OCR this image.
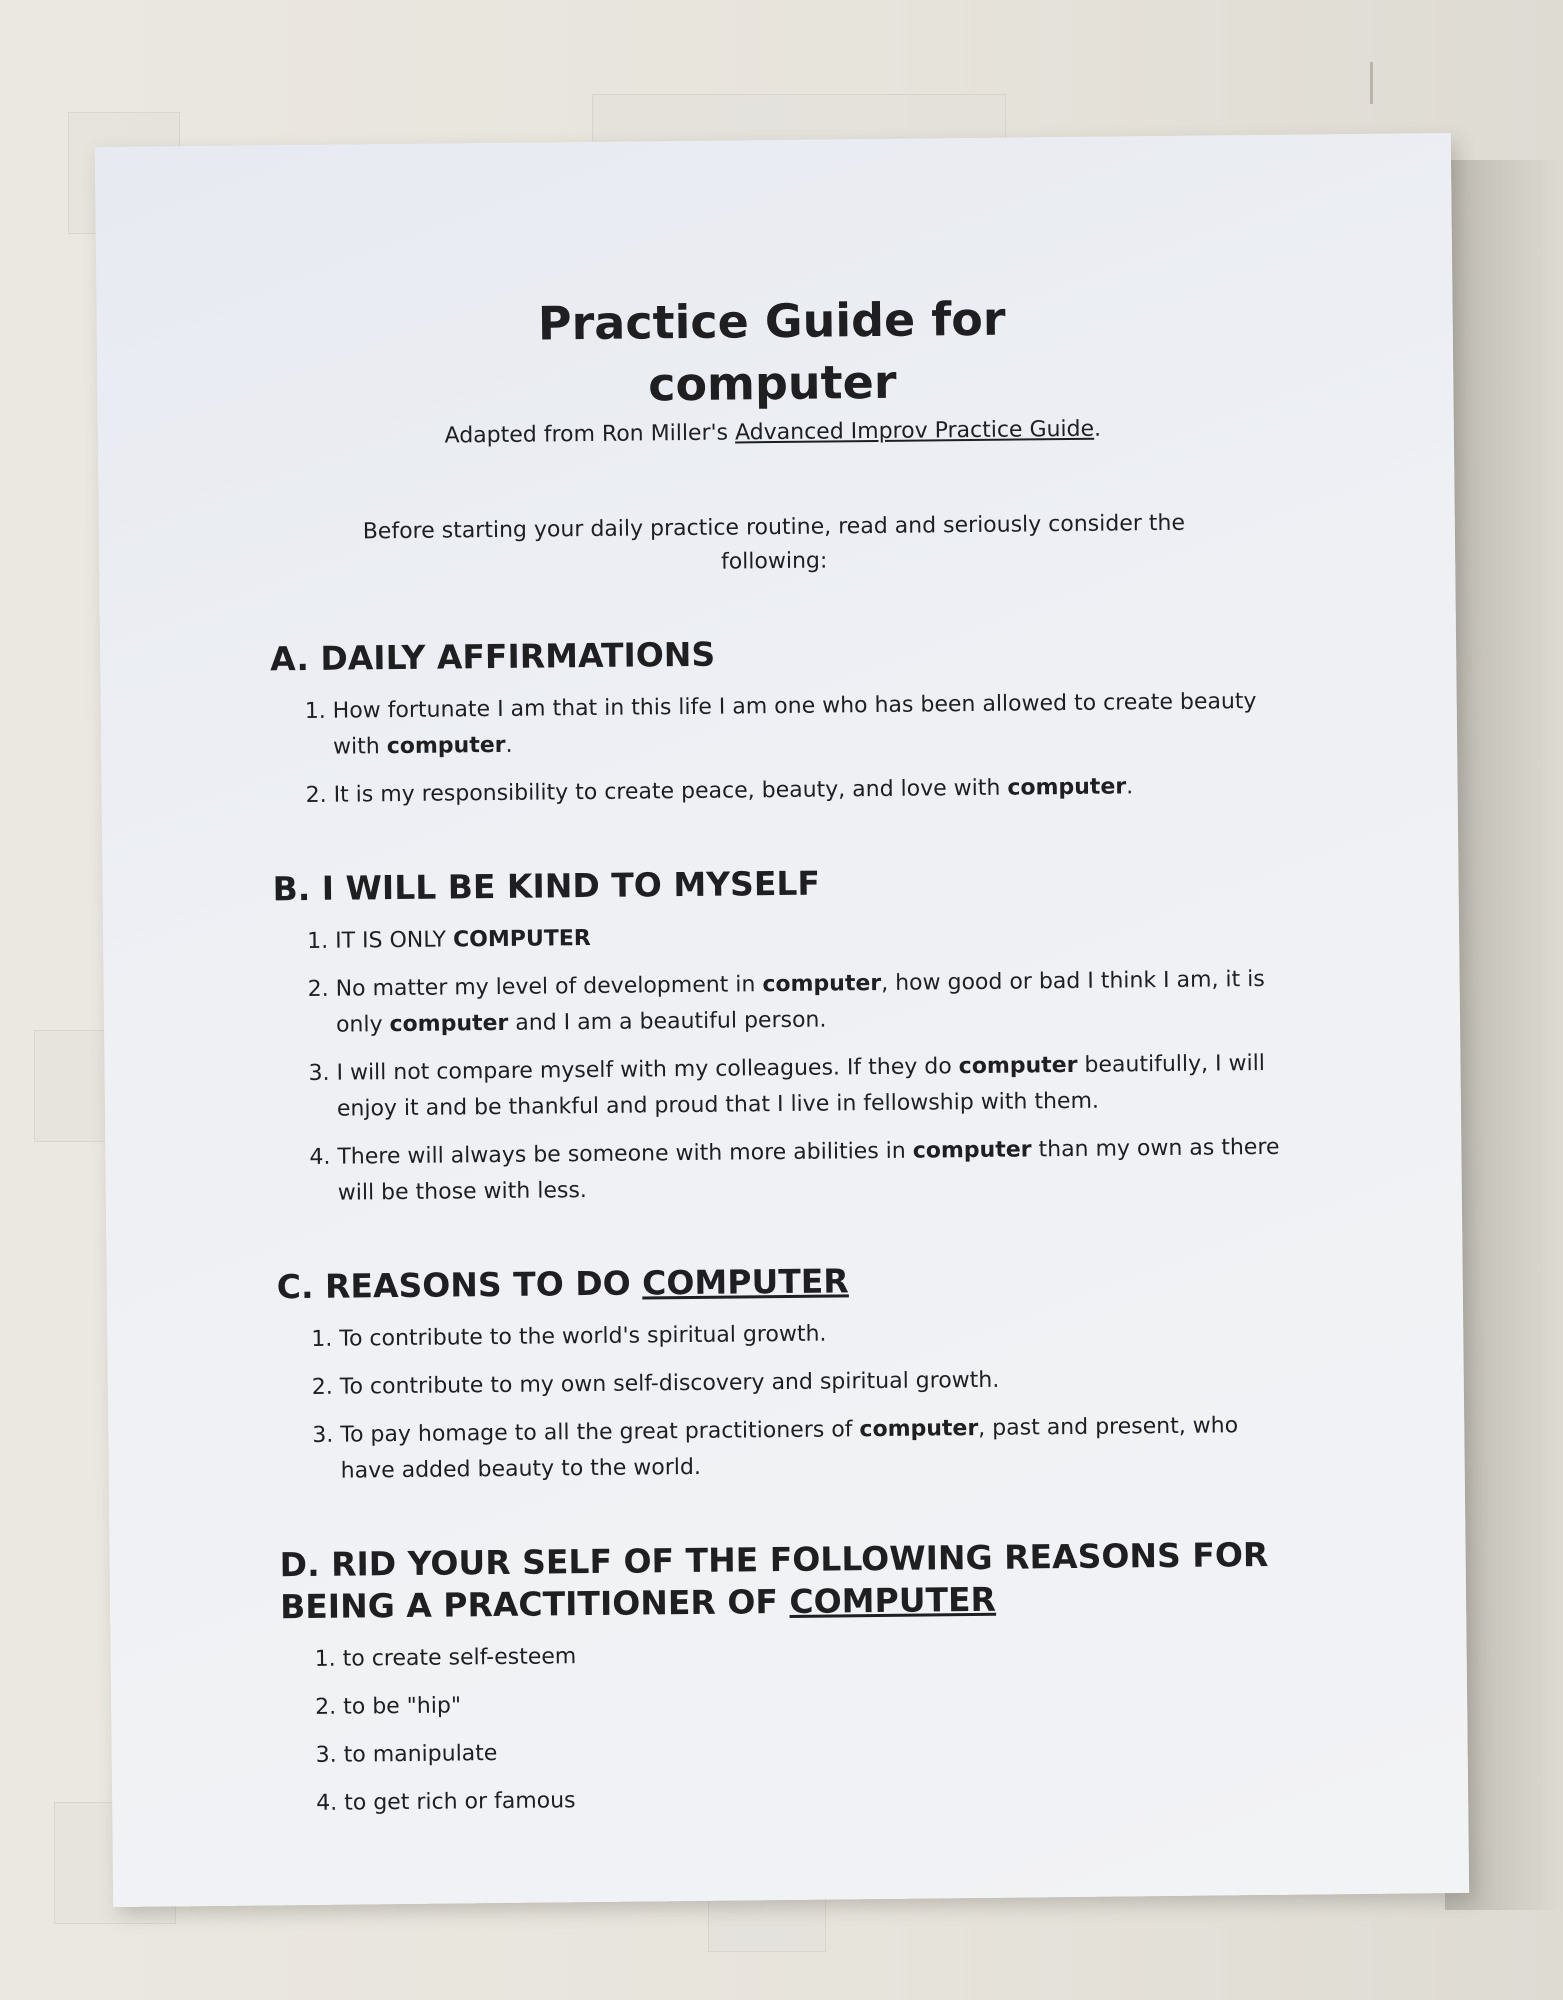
Practice Guide for
computer
Adapted from Ron Miller's Advanced Improv Practice Guide.
Before starting your daily practice routine, read and seriously consider the following:
A. DAILY AFFIRMATIONS
1. How fortunate I am that in this life I am one who has been allowed to create beauty with computer.
2. It is my responsibility to create peace, beauty, and love with computer.
B. I WILL BE KIND TO MYSELF
1. IT IS ONLY COMPUTER
2. No matter my level of development in computer, how good or bad I think I am, it is only computer and I am a beautiful person.
3. I will not compare myself with my colleagues. If they do computer beautifully, I will enjoy it and be thankful and proud that I live in fellowship with them.
4. There will always be someone with more abilities in computer than my own as there will be those with less.
C. REASONS TO DO COMPUTER
1. To contribute to the world's spiritual growth.
2. To contribute to my own self-discovery and spiritual growth.
3. To pay homage to all the great practitioners of computer, past and present, who have added beauty to the world.
D. RID YOUR SELF OF THE FOLLOWING REASONS FOR BEING A PRACTITIONER OF COMPUTER
1. to create self-esteem
2. to be "hip"
3. to manipulate
4. to get rich or famous
